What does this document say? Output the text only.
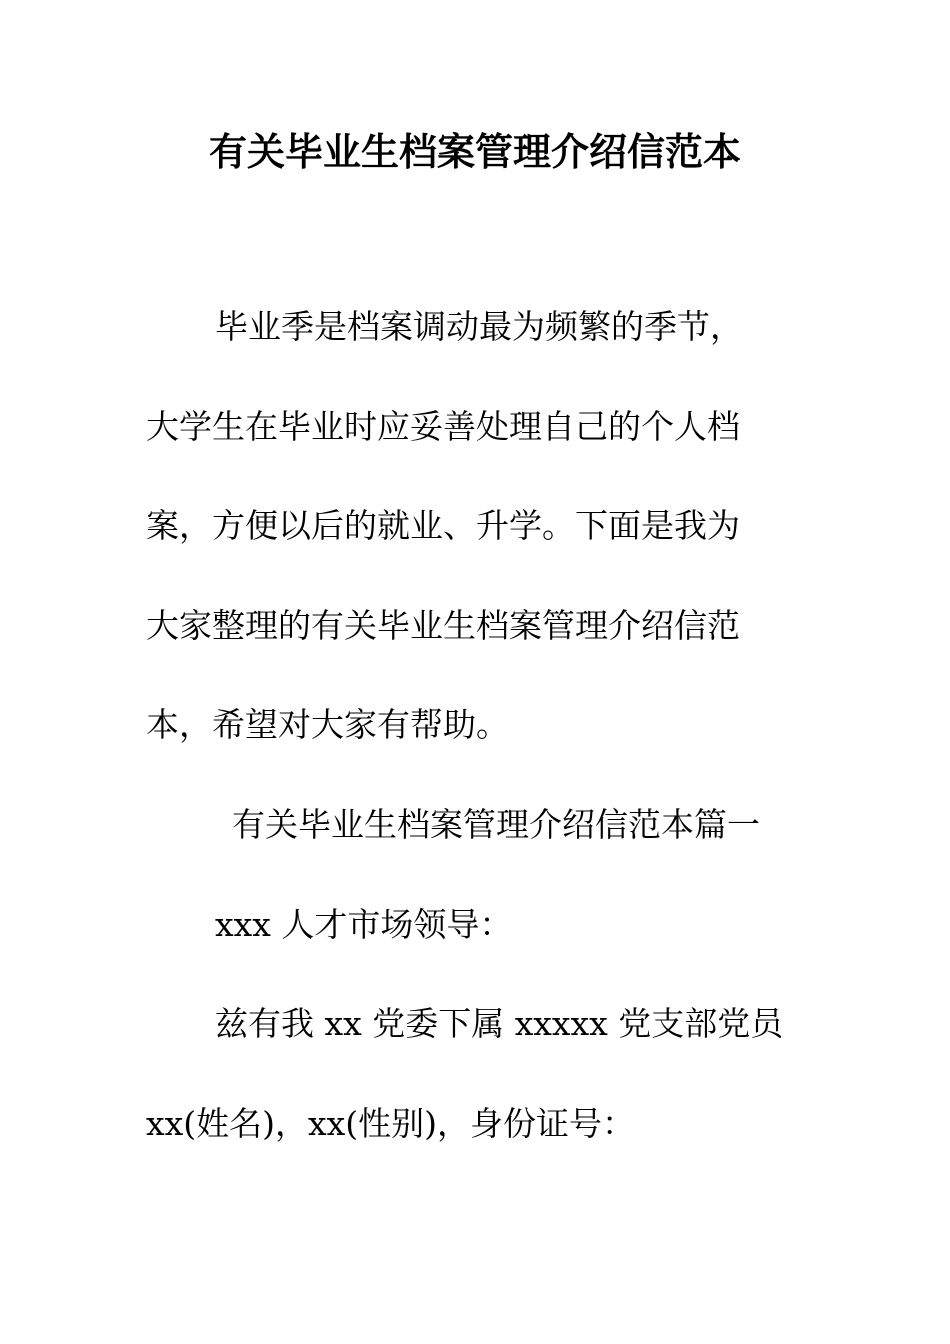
有关毕业生档案管理介绍信范本

毕业季是档案调动最为频繁的季节，

大学生在毕业时应妥善处理自己的个人档

案，方便以后的就业、升学。下面是我为

大家整理的有关毕业生档案管理介绍信范

本，希望对大家有帮助。

有关毕业生档案管理介绍信范本篇一

xxx 人才市场领导：

兹有我 xx 党委下属 xxxxx 党支部党员

xx(姓名)，xx(性别)，身份证号：
